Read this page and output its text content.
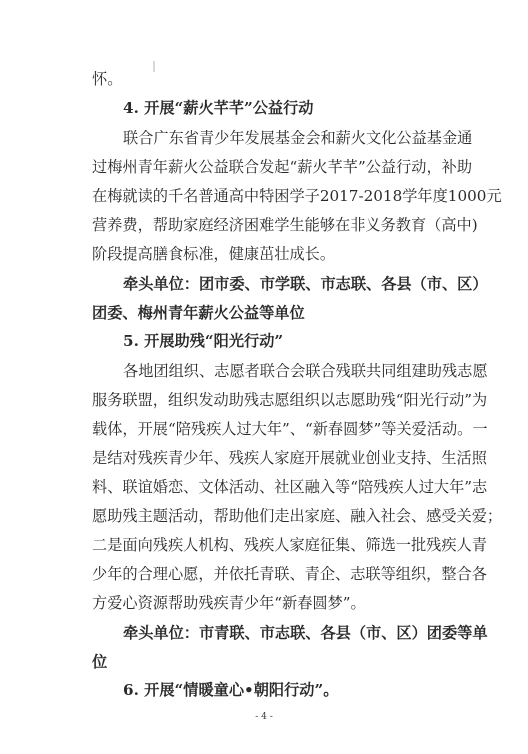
怀。
4. 开展“薪火芊芊”公益行动
联合广东省青少年发展基金会和薪火文化公益基金通
过梅州青年薪火公益联合发起“薪火芊芊”公益行动，补助
在梅就读的千名普通高中特困学子2017-2018学年度1000元
营养费，帮助家庭经济困难学生能够在非义务教育（高中)
阶段提高膳食标准，健康茁壮成长。
牵头单位：团市委、市学联、市志联、各县（市、区）
团委、梅州青年薪火公益等单位
5. 开展助残“阳光行动”
各地团组织、志愿者联合会联合残联共同组建助残志愿
服务联盟，组织发动助残志愿组织以志愿助残“阳光行动”为
载体，开展“陪残疾人过大年”、“新春圆梦”等关爱活动。一
是结对残疾青少年、残疾人家庭开展就业创业支持、生活照
料、联谊婚恋、文体活动、社区融入等“陪残疾人过大年”志
愿助残主题活动，帮助他们走出家庭、融入社会、感受关爱；
二是面向残疾人机构、残疾人家庭征集、筛选一批残疾人青
少年的合理心愿，并依托青联、青企、志联等组织，整合各
方爱心资源帮助残疾青少年“新春圆梦”。
牵头单位：市青联、市志联、各县（市、区）团委等单
位
6. 开展“情暖童心•朝阳行动”。
- 4 -
